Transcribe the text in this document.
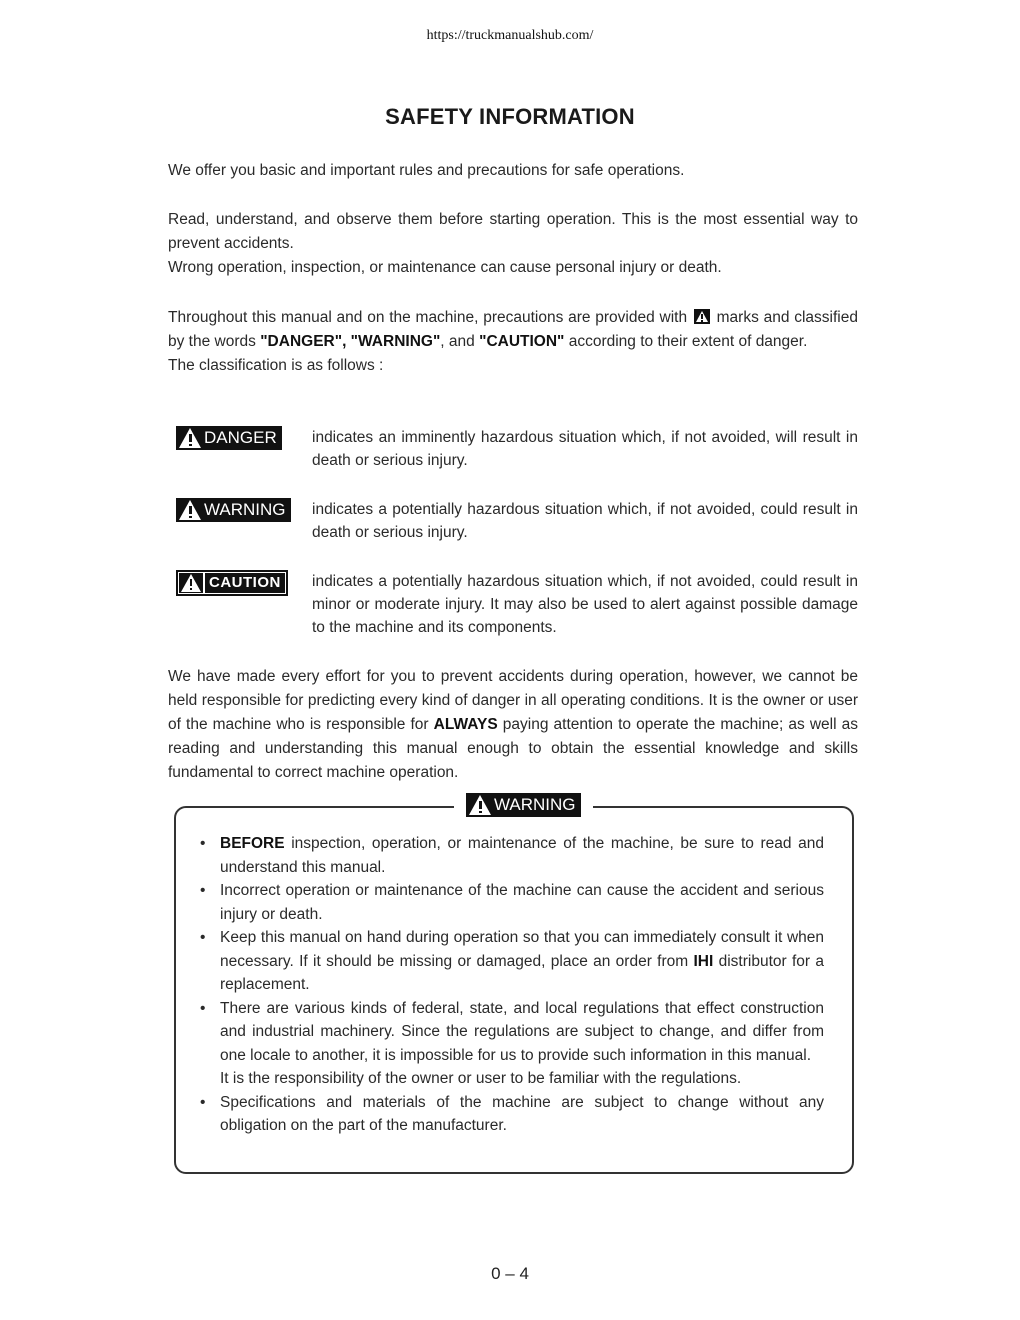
https://truckmanualshub.com/
SAFETY INFORMATION

We offer you basic and important rules and precautions for safe operations.

Read, understand, and observe them before starting operation. This is the most essential way to prevent accidents.

Wrong operation, inspection, or maintenance can cause personal injury or death.

Throughout this manual and on the machine, precautions are provided with marks and classified by the words "DANGER", "WARNING", and "CAUTION" according to their extent of danger.

The classification is as follows :

DANGER indicates an imminently hazardous situation which, if not avoided, will result in death or serious injury.
WARNING indicates a potentially hazardous situation which, if not avoided, could result in death or serious injury.
CAUTION indicates a potentially hazardous situation which, if not avoided, could result in minor or moderate injury. It may also be used to alert against possible damage to the machine and its components.

We have made every effort for you to prevent accidents during operation, however, we cannot be held responsible for predicting every kind of danger in all operating conditions. It is the owner or user of the machine who is responsible for ALWAYS paying attention to operate the machine; as well as reading and understanding this manual enough to obtain the essential knowledge and skills fundamental to correct machine operation.

WARNING
• BEFORE inspection, operation, or maintenance of the machine, be sure to read and understand this manual.
• Incorrect operation or maintenance of the machine can cause the accident and serious injury or death.
• Keep this manual on hand during operation so that you can immediately consult it when necessary. If it should be missing or damaged, place an order from IHI distributor for a replacement.
• There are various kinds of federal, state, and local regulations that effect construction and industrial machinery. Since the regulations are subject to change, and differ from one locale to another, it is impossible for us to provide such information in this manual.
It is the responsibility of the owner or user to be familiar with the regulations.
• Specifications and materials of the machine are subject to change without any obligation on the part of the manufacturer.
0 – 4
